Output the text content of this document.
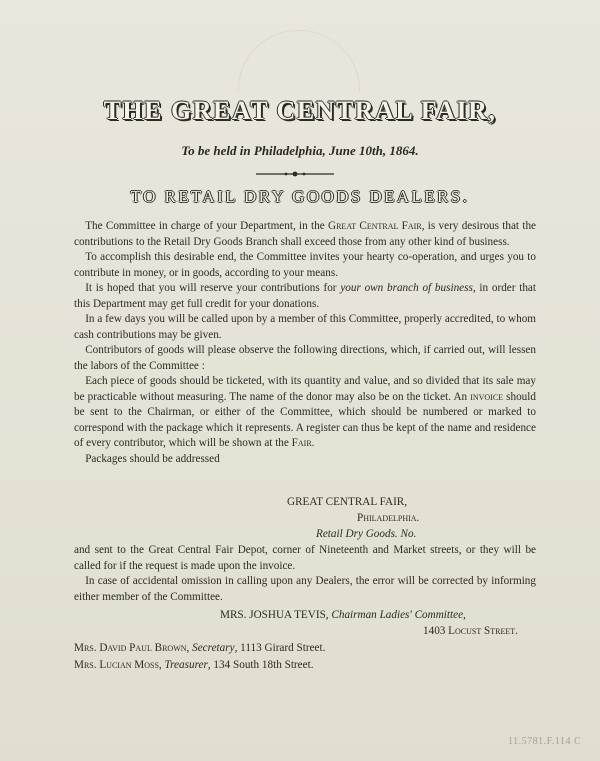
THE GREAT CENTRAL FAIR,
To be held in Philadelphia, June 10th, 1864.
TO RETAIL DRY GOODS DEALERS.
 The Committee in charge of your Department, in the Great Central Fair, is very desirous that the contributions to the Retail Dry Goods Branch shall exceed those from any other kind of business.
 To accomplish this desirable end, the Committee invites your hearty co-operation, and urges you to contribute in money, or in goods, according to your means.
 It is hoped that you will reserve your contributions for your own branch of business, in order that this Department may get full credit for your donations.
 In a few days you will be called upon by a member of this Committee, properly accredited, to whom cash contributions may be given.
 Contributors of goods will please observe the following directions, which, if carried out, will lessen the labors of the Committee :
 Each piece of goods should be ticketed, with its quantity and value, and so divided that its sale may be practicable without measuring. The name of the donor may also be on the ticket. An invoice should be sent to the Chairman, or either of the Committee, which should be numbered or marked to correspond with the package which it represents. A register can thus be kept of the name and residence of every contributor, which will be shown at the Fair.
 Packages should be addressed
GREAT CENTRAL FAIR,
Philadelphia.
Retail Dry Goods. No.
and sent to the Great Central Fair Depot, corner of Nineteenth and Market streets, or they will be called for if the request is made upon the invoice.
 In case of accidental omission in calling upon any Dealers, the error will be corrected by informing either member of the Committee.
MRS. JOSHUA TEVIS, Chairman Ladies' Committee,
1403 Locust Street.
Mrs. David Paul Brown, Secretary, 1113 Girard Street.
Mrs. Lucian Moss, Treasurer, 134 South 18th Street.
11.5781.F.114 C
